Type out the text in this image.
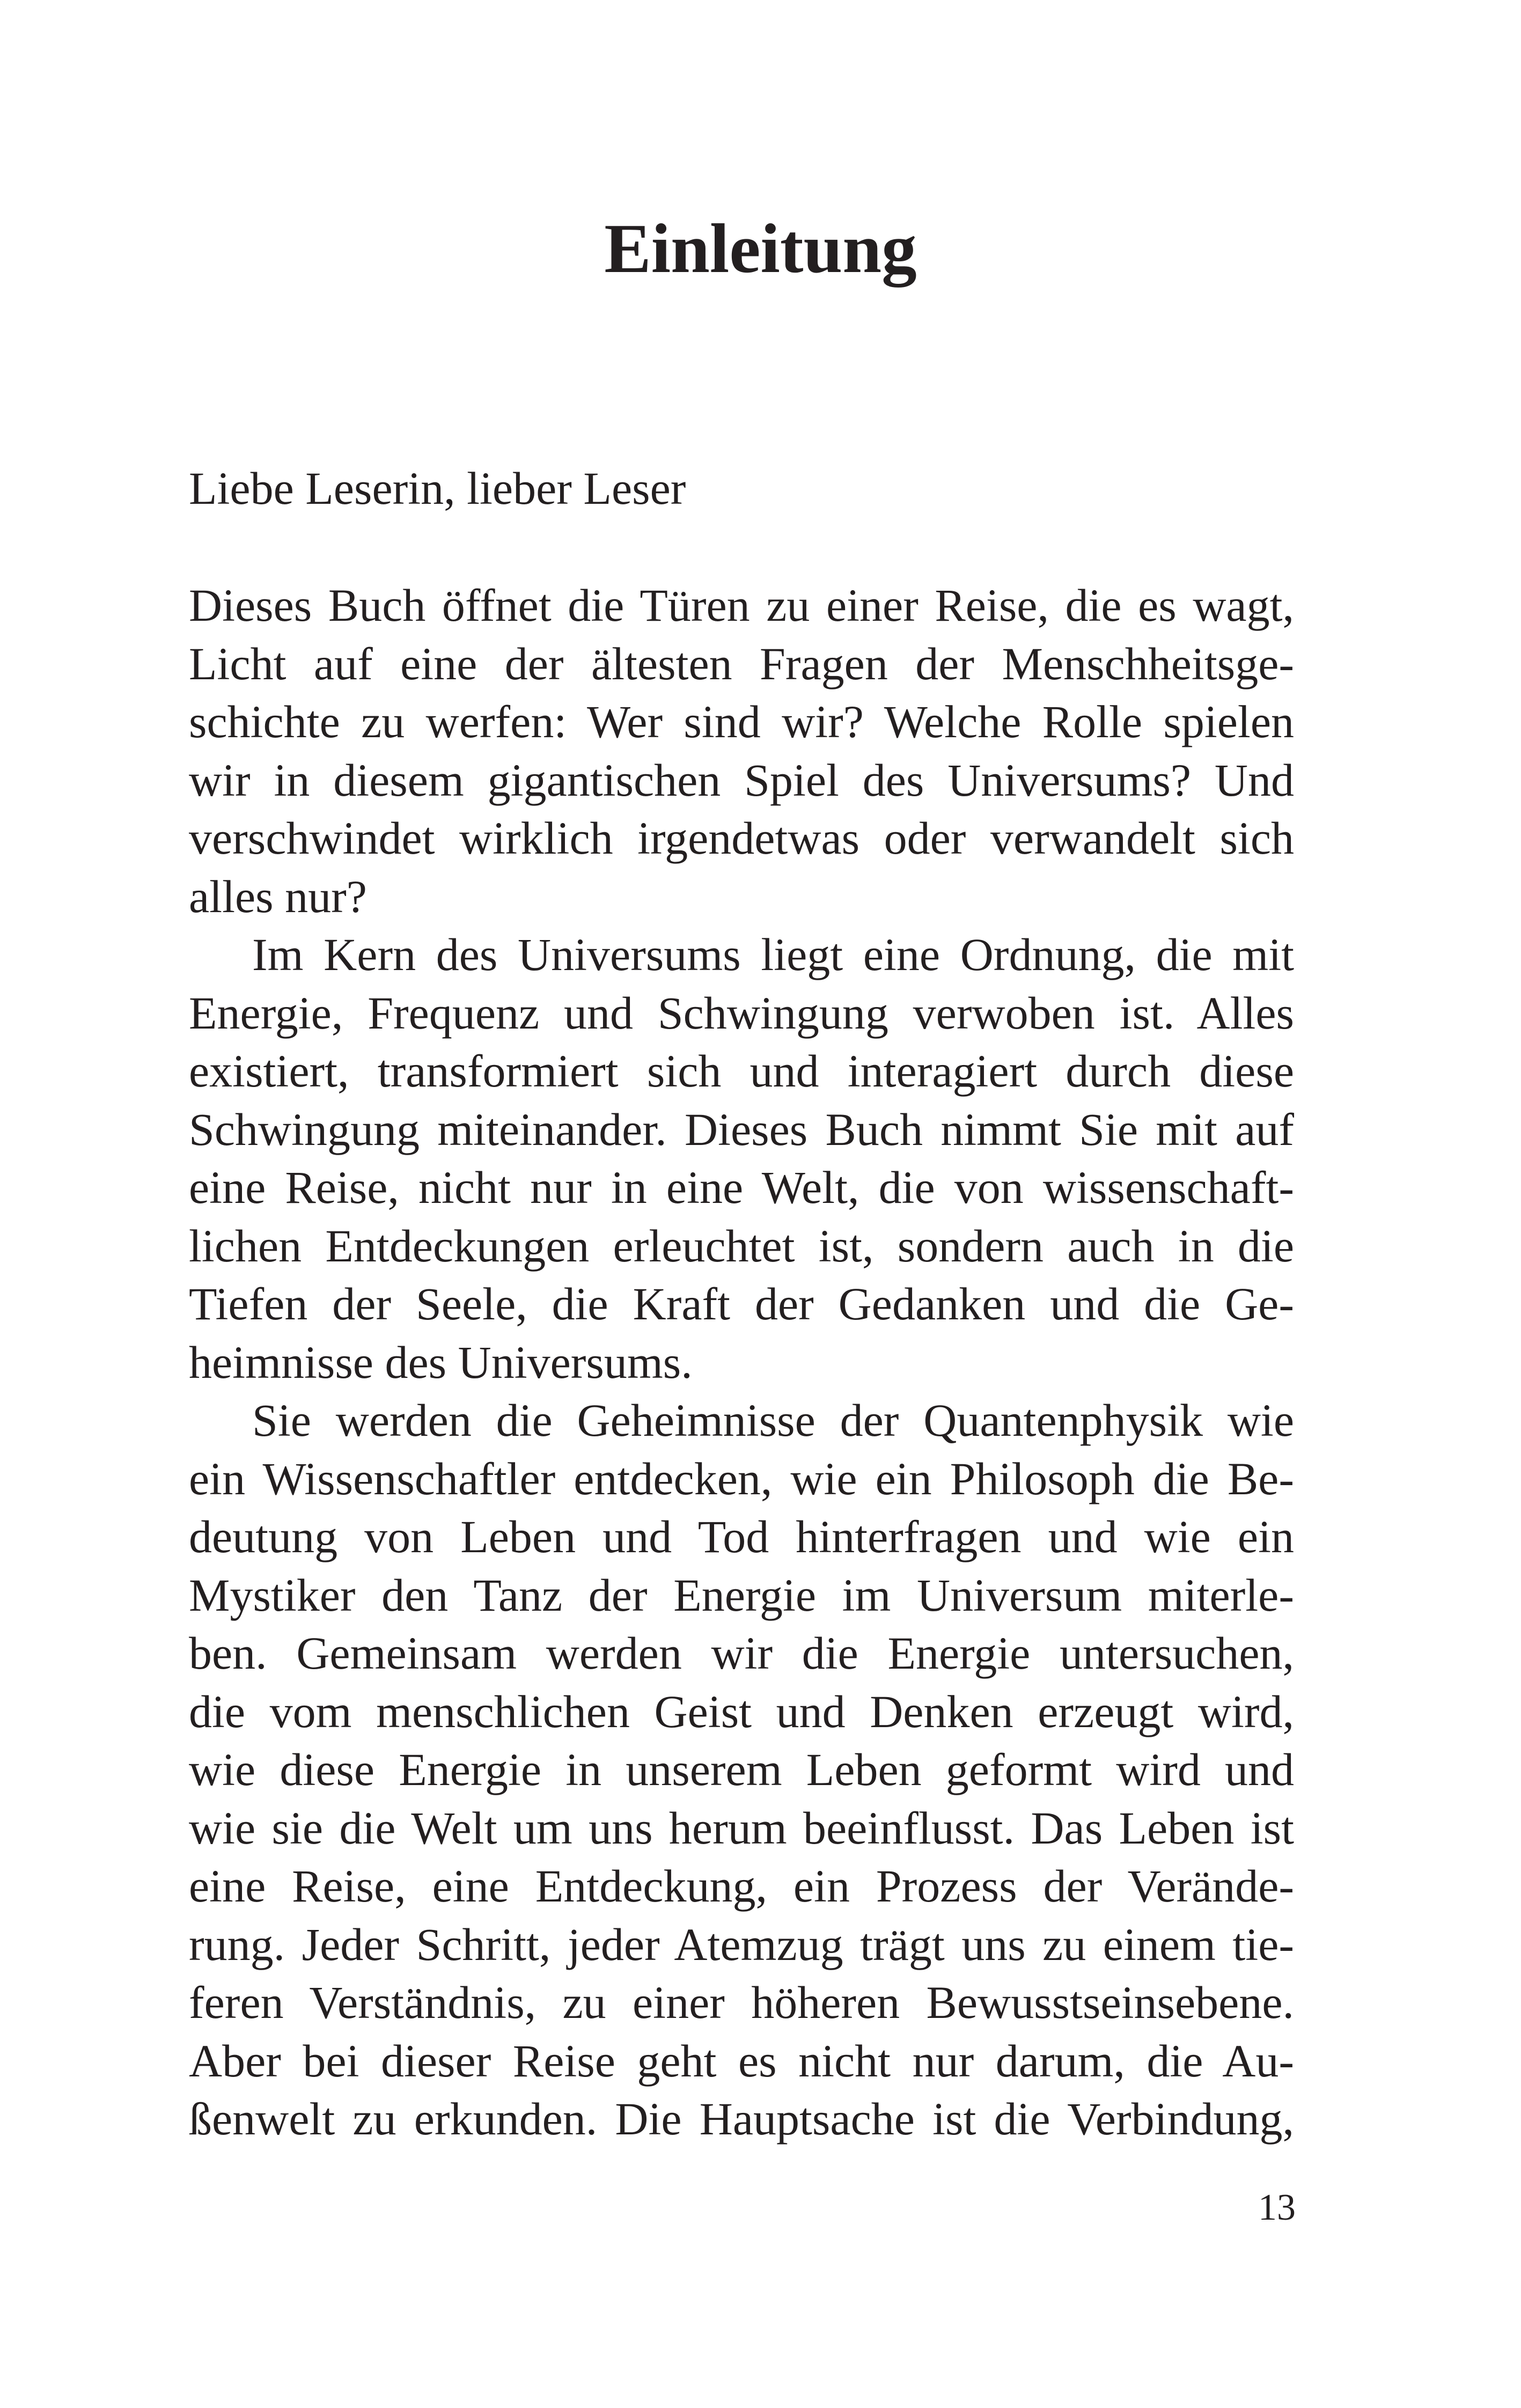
Einleitung

Liebe Leserin, lieber Leser

Dieses Buch öffnet die Türen zu einer Reise, die es wagt,
Licht auf eine der ältesten Fragen der Menschheitsge-
schichte zu werfen: Wer sind wir? Welche Rolle spielen
wir in diesem gigantischen Spiel des Universums? Und
verschwindet wirklich irgendetwas oder verwandelt sich
alles nur?
Im Kern des Universums liegt eine Ordnung, die mit
Energie, Frequenz und Schwingung verwoben ist. Alles
existiert, transformiert sich und interagiert durch diese
Schwingung miteinander. Dieses Buch nimmt Sie mit auf
eine Reise, nicht nur in eine Welt, die von wissenschaft-
lichen Entdeckungen erleuchtet ist, sondern auch in die
Tiefen der Seele, die Kraft der Gedanken und die Ge-
heimnisse des Universums.
Sie werden die Geheimnisse der Quantenphysik wie
ein Wissenschaftler entdecken, wie ein Philosoph die Be-
deutung von Leben und Tod hinterfragen und wie ein
Mystiker den Tanz der Energie im Universum miterle-
ben. Gemeinsam werden wir die Energie untersuchen,
die vom menschlichen Geist und Denken erzeugt wird,
wie diese Energie in unserem Leben geformt wird und
wie sie die Welt um uns herum beeinflusst. Das Leben ist
eine Reise, eine Entdeckung, ein Prozess der Verände-
rung. Jeder Schritt, jeder Atemzug trägt uns zu einem tie-
feren Verständnis, zu einer höheren Bewusstseinsebene.
Aber bei dieser Reise geht es nicht nur darum, die Au-
ßenwelt zu erkunden. Die Hauptsache ist die Verbindung,

13
